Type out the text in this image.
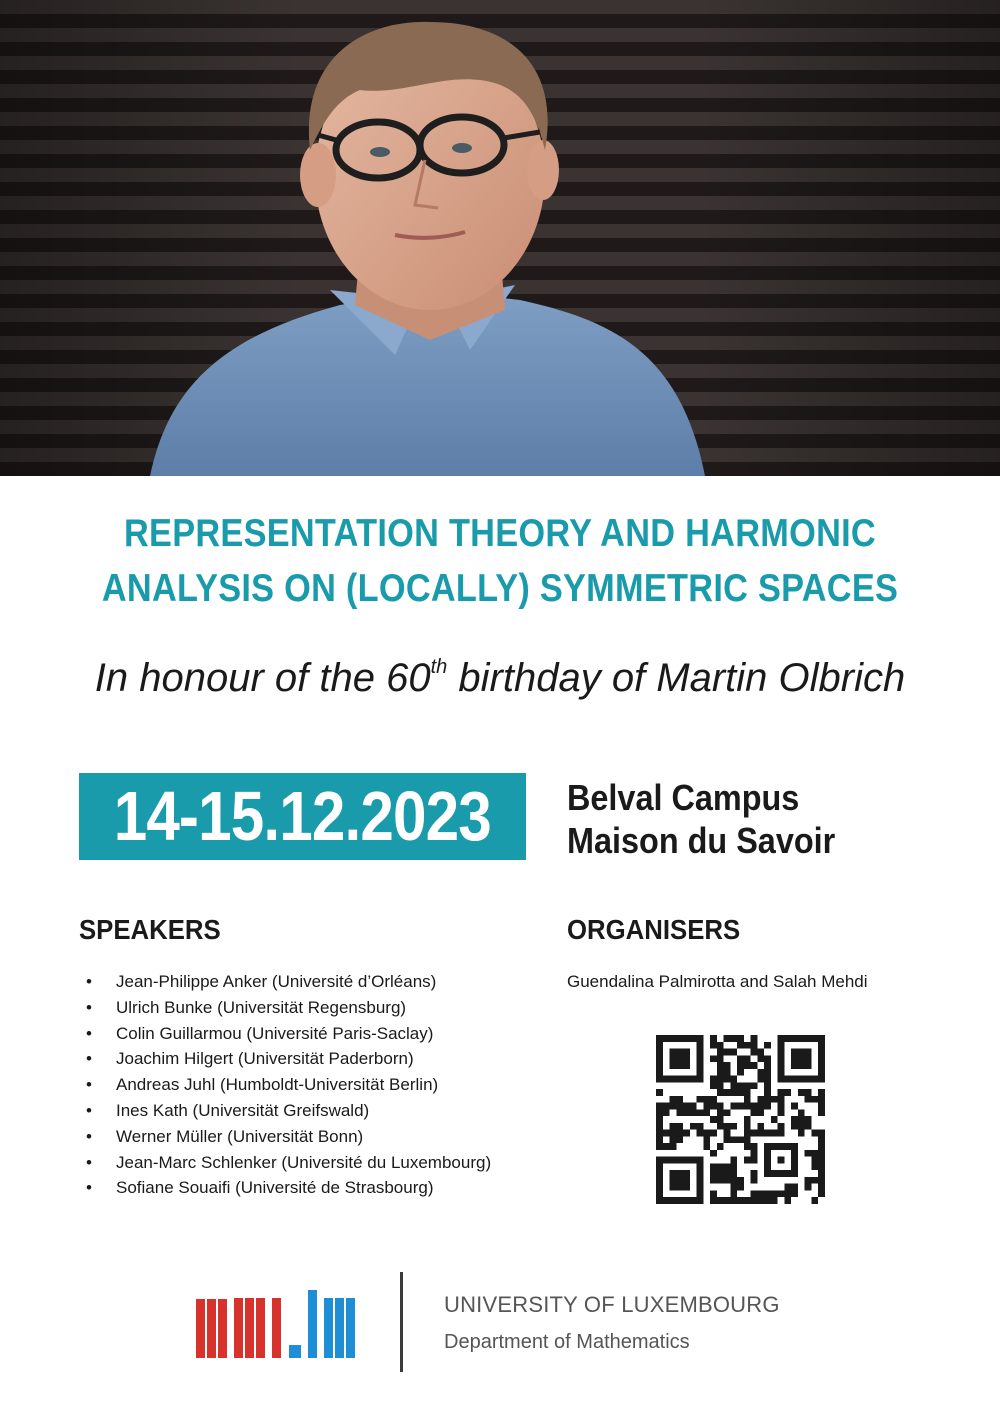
REPRESENTATION THEORY AND HARMONIC
ANALYSIS ON (LOCALLY) SYMMETRIC SPACES
In honour of the 60th birthday of Martin Olbrich
14-15.12.2023	Belval Campus
Maison du Savoir
SPEAKERS
• Jean-Philippe Anker (Université d’Orléans)
• Ulrich Bunke (Universität Regensburg)
• Colin Guillarmou (Université Paris-Saclay)
• Joachim Hilgert (Universität Paderborn)
• Andreas Juhl (Humboldt-Universität Berlin)
• Ines Kath (Universität Greifswald)
• Werner Müller (Universität Bonn)
• Jean-Marc Schlenker (Université du Luxembourg)
• Sofiane Souaifi (Université de Strasbourg)
ORGANISERS
Guendalina Palmirotta and Salah Mehdi
UNIVERSITY OF LUXEMBOURG
Department of Mathematics
